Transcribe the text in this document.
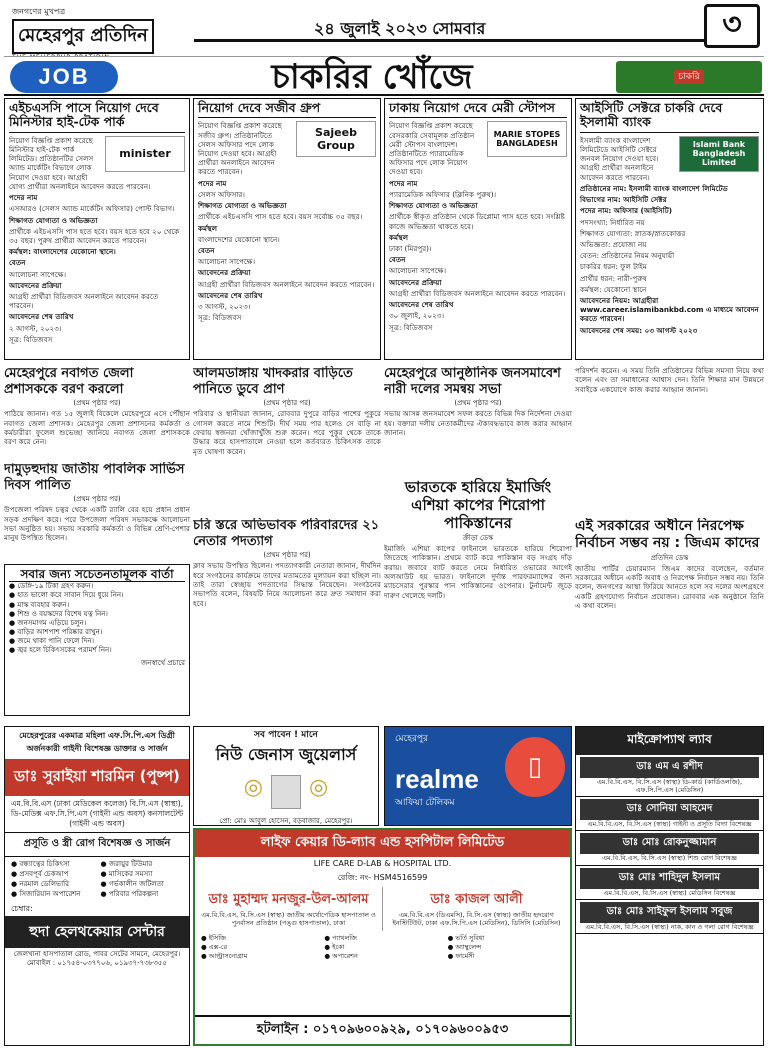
জনগণের মুখপত্র
মেহেরপুর প্রতিদিন	২৪ জুলাই ২০২৩ সোমবার	৩
JOB	চাকরির খোঁজে	চাকরি
এইচএসসি পাসে নিয়োগ দেবে মিনিস্টার হাই-টেক পার্ক
minister

নিয়োগ বিজ্ঞপ্তি প্রকাশ করেছে মিনিস্টার হাই-টেক পার্ক লিমিটেড। প্রতিষ্ঠানটির সেলস অ্যান্ড মার্কেটিং বিভাগে লোক নিয়োগ দেওয়া হবে। আগ্রহী যোগ্য প্রার্থীরা অনলাইনে আবেদন করতে পারবেন।

পদের নাম

এসআরও (সেলস অ্যান্ড মার্কেটিং অফিসার) পোস্ট বিভাগ।

শিক্ষাগত যোগ্যতা ও অভিজ্ঞতা

প্রার্থীকে এইচএসসি পাস হতে হবে। বয়স হতে হবে ২০ থেকে ৩৫ বছর। পুরুষ প্রার্থীরা আবেদন করতে পারবেন।

কর্মস্থল: বাংলাদেশের যেকোনো স্থানে।

বেতন

আলোচনা সাপেক্ষে।

আবেদনের প্রক্রিয়া

আগ্রহী প্রার্থীরা বিডিজবস অনলাইনে আবেদন করতে পারবেন।

আবেদনের শেষ তারিখ

২ আগস্ট, ২০২৩।

সূত্র: বিডিজবস

নিয়োগ দেবে সজীব গ্রুপ
Sajeeb Group

নিয়োগ বিজ্ঞপ্তি প্রকাশ করেছে সজীব গ্রুপ। প্রতিষ্ঠানটিতে সেলস অফিসার পদে লোক নিয়োগ দেওয়া হবে। আগ্রহী প্রার্থীরা অনলাইনে আবেদন করতে পারবেন।

পদের নাম

সেলস অফিসার।

শিক্ষাগত যোগ্যতা ও অভিজ্ঞতা

প্রার্থীকে এইচএসসি পাস হতে হবে। বয়স সর্বোচ্চ ৩৫ বছর।

কর্মস্থল

বাংলাদেশের যেকোনো স্থানে।

বেতন

আলোচনা সাপেক্ষে।

আবেদনের প্রক্রিয়া

আগ্রহী প্রার্থীরা বিডিজবস অনলাইনে আবেদন করতে পারবেন।

আবেদনের শেষ তারিখ

৩ আগস্ট, ২০২৩।

সূত্র: বিডিজবস

ঢাকায় নিয়োগ দেবে মেরী স্টোপস
MARIE STOPES BANGLADESH

নিয়োগ বিজ্ঞপ্তি প্রকাশ করেছে বেসরকারি সেবামূলক প্রতিষ্ঠান মেরী স্টোপস বাংলাদেশ। প্রতিষ্ঠানটিতে প্যারামেডিক অফিসার পদে লোক নিয়োগ দেওয়া হবে।

পদের নাম

প্যারামেডিক অফিসার (ক্লিনিক পুরুষ)।

শিক্ষাগত যোগ্যতা ও অভিজ্ঞতা

প্রার্থীকে স্বীকৃত প্রতিষ্ঠান থেকে ডিপ্লোমা পাস হতে হবে। সংশ্লিষ্ট কাজে অভিজ্ঞতা থাকতে হবে।

কর্মস্থল

ঢাকা (মিরপুর)।

বেতন

আলোচনা সাপেক্ষে।

আবেদনের প্রক্রিয়া

আগ্রহী প্রার্থীরা বিডিজবস অনলাইনে আবেদন করতে পারবেন।

আবেদনের শেষ তারিখ

৩০ জুলাই, ২০২৩।

সূত্র: বিডিজবস

আইসিটি সেক্টরে চাকরি দেবে ইসলামী ব্যাংক
Islami Bank Bangladesh Limited

ইসলামী ব্যাংক বাংলাদেশ লিমিটেডে আইসিটি সেক্টরে জনবল নিয়োগ দেওয়া হবে। আগ্রহী প্রার্থীরা অনলাইনে আবেদন করতে পারবেন।

প্রতিষ্ঠানের নাম: ইসলামী ব্যাংক বাংলাদেশ লিমিটেড

বিভাগের নাম: আইসিটি সেক্টর

পদের নাম: অফিসার (আইসিটি)

পদসংখ্যা: নির্ধারিত নয়

শিক্ষাগত যোগ্যতা: স্নাতক/স্নাতকোত্তর

অভিজ্ঞতা: প্রযোজ্য নয়

বেতন: প্রতিষ্ঠানের নিয়ম অনুযায়ী

চাকরির ধরন: ফুল টাইম

প্রার্থীর ধরন: নারী-পুরুষ

কর্মস্থল: যেকোনো স্থানে

আবেদনের নিয়ম: আগ্রহীরা www.career.islamibankbd.com এ মাধ্যমে আবেদন করতে পারবেন।

আবেদনের শেষ সময়: ০৩ আগস্ট ২০২৩

মেহেরপুরে নবাগত জেলা প্রশাসককে বরণ করলো
(প্রথম পৃষ্ঠার পর)

পাঠিয়ে জানান। গত ১৫ জুলাই বিকেলে মেহেরপুরে এসে পৌঁছান নবাগত জেলা প্রশাসক। মেহেরপুর জেলা প্রশাসনের কর্মকর্তা ও কর্মচারীরা ফুলেল শুভেচ্ছা জানিয়ে নবাগত জেলা প্রশাসককে বরণ করে নেন।

দামুড়হুদায় জাতীয় পাবলিক সার্ভিস দিবস পালিত
(প্রথম পৃষ্ঠার পর)

উপজেলা পরিষদ চত্বর থেকে একটি র‍্যালি বের হয়ে প্রধান প্রধান সড়ক প্রদক্ষিণ করে। পরে উপজেলা পরিষদ সভাকক্ষে আলোচনা সভা অনুষ্ঠিত হয়। সভায় সরকারি কর্মকর্তা ও বিভিন্ন শ্রেণি-পেশার মানুষ উপস্থিত ছিলেন।

সবার জন্য সচেতনতামূলক বার্তা
● ডেঙ্গি-১৯ টিকা গ্রহণ করুন।
● হাত ভালো করে সাবান দিয়ে ধুয়ে নিন।
● মাস্ক ব্যবহার করুন।
● শিশু ও বয়স্কদের বিশেষ যত্ন নিন।
● জনসমাগম এড়িয়ে চলুন।
● বাড়ির আশপাশ পরিষ্কার রাখুন।
● জমে থাকা পানি ফেলে দিন।
● জ্বর হলে চিকিৎসকের পরামর্শ নিন।
জনস্বার্থে প্রচারে
আলমডাঙ্গায় খাদকরার বাড়িতে পানিতে ডুবে প্রাণ
(প্রথম পৃষ্ঠার পর)

পরিবার ও স্থানীয়রা জানান, রোববার দুপুরে বাড়ির পাশের পুকুরে গোসল করতে নামে শিশুটি। দীর্ঘ সময় পার হলেও সে বাড়ি না ফেরায় স্বজনরা খোঁজাখুঁজি শুরু করেন। পরে পুকুর থেকে তাকে উদ্ধার করে হাসপাতালে নেওয়া হলে কর্তব্যরত চিকিৎসক তাকে মৃত ঘোষণা করেন।

মেহেরপুরে আনুষ্ঠানিক জনসমাবেশ নারী দলের সমন্বয় সভা
(প্রথম পৃষ্ঠার পর)

সভায় আসন্ন জনসমাবেশ সফল করতে বিভিন্ন দিক নির্দেশনা দেওয়া হয়। বক্তারা দলীয় নেতাকর্মীদের ঐক্যবদ্ধভাবে কাজ করার আহ্বান জানান।

পরিদর্শন করেন। এ সময় তিনি প্রতিষ্ঠানের বিভিন্ন সমস্যা নিয়ে কথা বলেন এবং তা সমাধানের আশ্বাস দেন। তিনি শিক্ষার মান উন্নয়নে সবাইকে একযোগে কাজ করার আহ্বান জানান।

চরি স্তরে অভিভাবক পরিবারদের ২১ নেতার পদত্যাগ
(প্রথম পৃষ্ঠার পর)

ক্লাব সভায় উপস্থিত ছিলেন। পদত্যাগকারী নেতারা জানান, দীর্ঘদিন ধরে সংগঠনের কার্যক্রমে তাদের মতামতের মূল্যায়ন করা হচ্ছিল না। তাই তারা স্বেচ্ছায় পদত্যাগের সিদ্ধান্ত নিয়েছেন। সংগঠনের সভাপতি বলেন, বিষয়টি নিয়ে আলোচনা করে দ্রুত সমাধান করা হবে।

ভারতকে হারিয়ে ইমার্জিং এশিয়া কাপের শিরোপা পাকিস্তানের
ক্রীড়া ডেস্ক

ইমার্জিং এশিয়া কাপের ফাইনালে ভারতকে হারিয়ে শিরোপা জিতেছে পাকিস্তান। প্রথমে ব্যাট করে পাকিস্তান বড় সংগ্রহ দাঁড় করায়। জবাবে ব্যাট করতে নেমে নির্ধারিত ওভারের আগেই অলআউট হয় ভারত। ফাইনালে দুর্দান্ত পারফরম্যান্সের জন্য ম্যাচসেরার পুরস্কার পান পাকিস্তানের ওপেনার। টুর্নামেন্ট জুড়ে দারুণ খেলেছে দলটি।

এই সরকারের অধীনে নিরপেক্ষ নির্বাচন সম্ভব নয় : জিএম কাদের
প্রতিদিন ডেস্ক

জাতীয় পার্টির চেয়ারম্যান জিএম কাদের বলেছেন, বর্তমান সরকারের অধীনে একটি অবাধ ও নিরপেক্ষ নির্বাচন সম্ভব নয়। তিনি বলেন, জনগণের আস্থা ফিরিয়ে আনতে হলে সব দলের অংশগ্রহণে একটি গ্রহণযোগ্য নির্বাচন প্রয়োজন। রোববার এক অনুষ্ঠানে তিনি এ কথা বলেন।

মেহেরপুরের একমাত্র মহিলা এফ.সি.পি.এস ডিগ্রী অর্জনকারী গাইনী বিশেষজ্ঞ ডাক্তার ও সার্জন
ডাঃ সুরাইয়া শারমিন (পুষ্প)
এম.বি.বি.এস (ঢাকা মেডিকেল কলেজ) বি.সি.এস (স্বাস্থ্য), ডি-মেডিক্স এফ.সি.পি.এস (গাইনী এন্ড অবস) কনসালটেন্ট (গাইনী এন্ড অবস)
প্রসূতি ও স্ত্রী রোগ বিশেষজ্ঞ ও সার্জন
● বন্ধ্যাত্বের চিকিৎসা
● প্রসবপূর্ব চেকআপ
● নরমাল ডেলিভারি
● সিজারিয়ান অপারেশন
● জরায়ুর টিউমার
● মাসিকের সমস্যা
● গর্ভকালীন জটিলতা
● পরিবার পরিকল্পনা
চেম্বার:
হুদা হেলথকেয়ার সেন্টার
জেলখানা হাসপাতাল রোড, পাবর সেটের সামনে, মেহেরপুর। মোবাইল : ০১৭৫৪-০৩৭৭০৬, ০১৯৩৭-৭৩৮৩৫৫
সব পাবেন ! মানে
নিউ জেনাস জুয়েলার্স
◎ ◎
প্রো: মোঃ আবুল হোসেন, বড়বাজার, মেহেরপুর।
মেহেরপুর
realme
আফিয়া টেলিকম
▯
মাইক্রোপ্যাথ ল্যাব
ডাঃ এম এ রশীদ
এম.বি.বি.এস, বি.সি.এস (স্বাস্থ্য) ডি-কার্ড (কার্ডিওলজি), এফ.সি.পি.এস (মেডিসিন)
ডাঃ সোনিয়া আহমেদ
এম.বি.বি.এস, বি.সি.এস (স্বাস্থ্য) গাইনী ও প্রসূতি বিদ্যা বিশেষজ্ঞ
ডাঃ মোঃ রোকনুজ্জামান
এম.বি.বি.এস, বি.সি.এস (স্বাস্থ্য) শিশু রোগ বিশেষজ্ঞ
ডাঃ মোঃ শাহিদুল ইসলাম
এম.বি.বি.এস, বি.সি.এস (স্বাস্থ্য) মেডিসিন বিশেষজ্ঞ
ডাঃ মোঃ সাইফুল ইসলাম সবুজ
এম.বি.বি.এস, বি.সি.এস (স্বাস্থ্য) নাক, কান ও গলা রোগ বিশেষজ্ঞ
লাইফ কেয়ার ডি-ল্যাব এন্ড হসপিটাল লিমিটেড
LIFE CARE D-LAB & HOSPITAL LTD.
রেজি: নং- HSM4516599
ডাঃ মুহাম্মদ মনজুর-উল-আলম
এম.বি.বি.এস, বি.সি.এস (স্বাস্থ্য) জাতীয় অর্থোপেডিক হাসপাতাল ও পুনর্বাসন প্রতিষ্ঠান (পঙ্গু হাসপাতাল), ঢাকা
ডাঃ কাজল আলী
এম.বি.বি.এস (ডিএমসি), বি.সি.এস (স্বাস্থ্য) জাতীয় হৃদরোগ ইনস্টিটিউট, ঢাকা এফ.সি.পি.এস (মেডিসিন), ডিসিসি (মেডিসিন)
● ইসিজি
● এক্স-রে
● আল্ট্রাসনোগ্রাম
● প্যাথলজি
● ইকো
● অপারেশন
● ভর্তি সুবিধা
● অ্যাম্বুলেন্স
● ফার্মেসী
হটলাইন : ০১৭০৯৬০০৯২৯, ০১৭০৯৬০০৯৫৩
